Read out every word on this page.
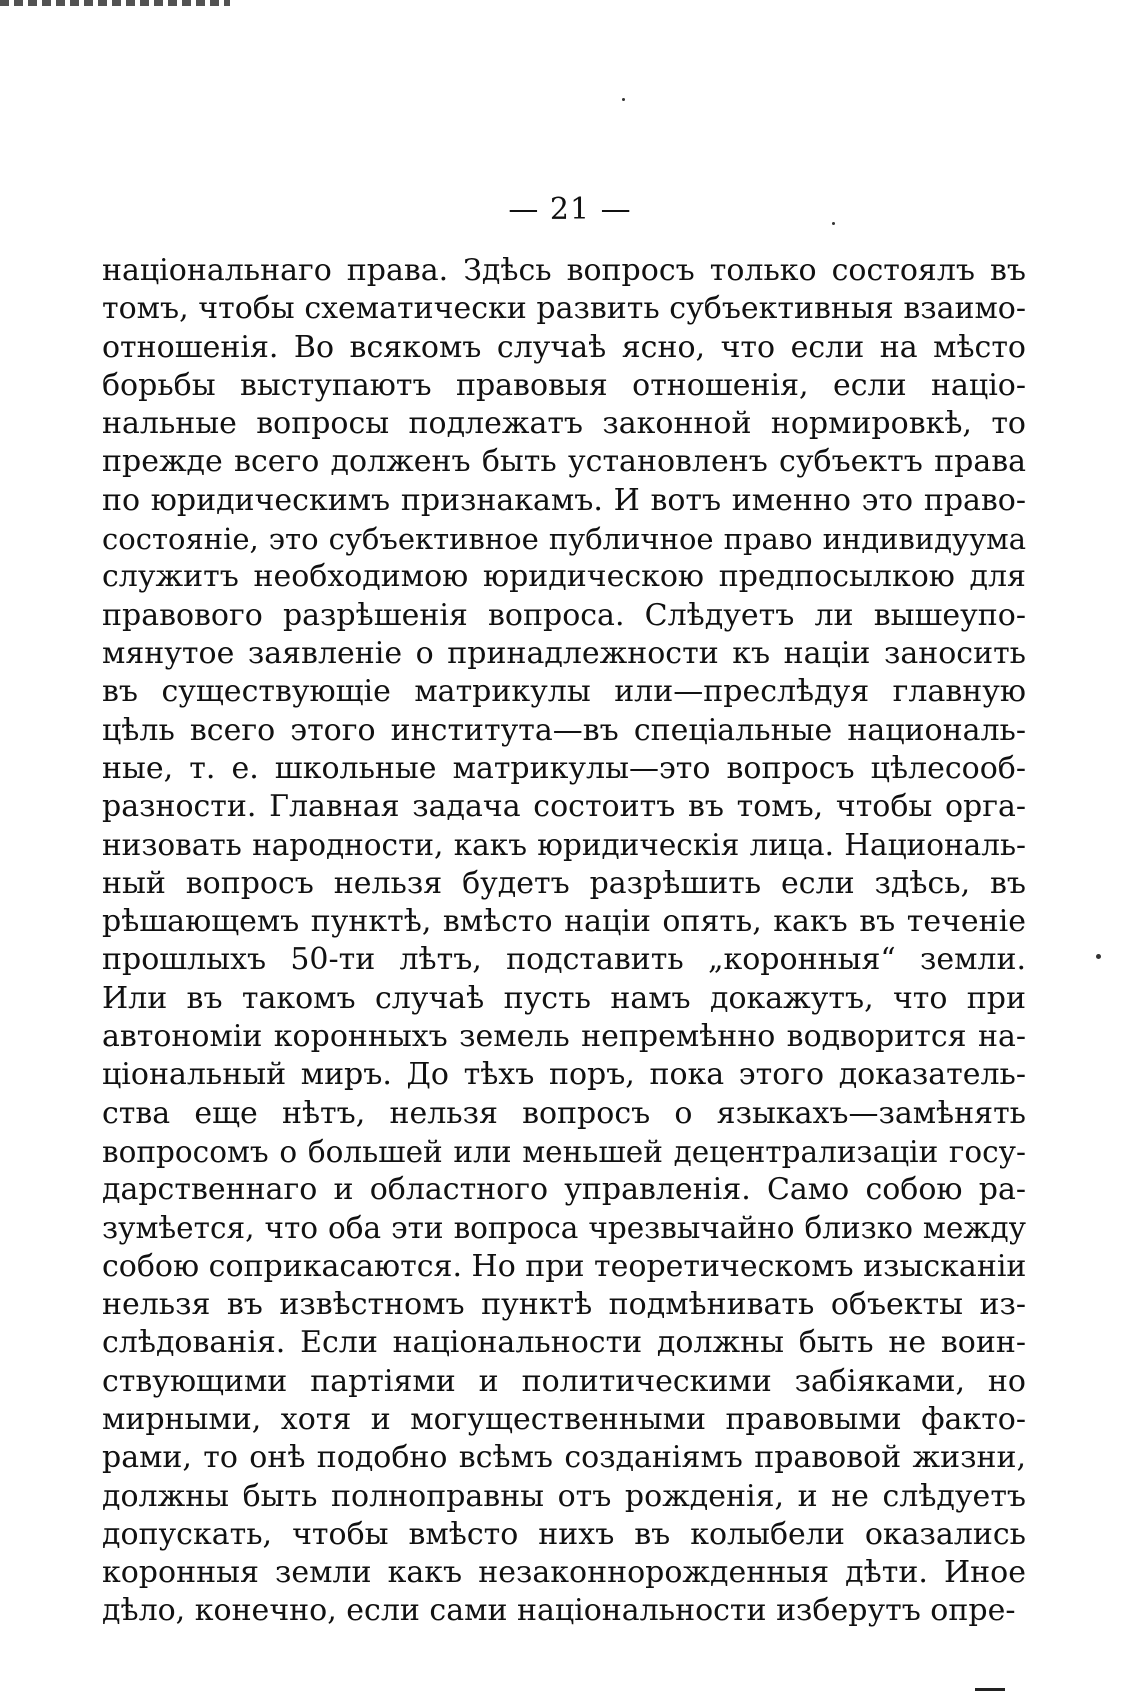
— 21 —
національнаго права. Здѣсь вопросъ только состоялъ въ
томъ, чтобы схематически развить субъективныя взаимо-
отношенія. Во всякомъ случаѣ ясно, что если на мѣсто
борьбы выступаютъ правовыя отношенія, если націо-
нальные вопросы подлежатъ законной нормировкѣ, то
прежде всего долженъ быть установленъ субъектъ права
по юридическимъ признакамъ. И вотъ именно это право-
состояніе, это субъективное публичное право индивидуума
служитъ необходимою юридическою предпосылкою для
правового разрѣшенія вопроса. Слѣдуетъ ли вышеупо-
мянутое заявленіе о принадлежности къ націи заносить
въ существующіе матрикулы или—преслѣдуя главную
цѣль всего этого института—въ спеціальные националь-
ные, т. е. школьные матрикулы—это вопросъ цѣлесооб-
разности. Главная задача состоитъ въ томъ, чтобы орга-
низовать народности, какъ юридическія лица. Националь-
ный вопросъ нельзя будетъ разрѣшить если здѣсь, въ
рѣшающемъ пунктѣ, вмѣсто націи опять, какъ въ теченіе
прошлыхъ 50-ти лѣтъ, подставить „коронныя“ земли.
Или въ такомъ случаѣ пусть намъ докажутъ, что при
автономіи коронныхъ земель непремѣнно водворится на-
ціональный миръ. До тѣхъ поръ, пока этого доказатель-
ства еще нѣтъ, нельзя вопросъ о языкахъ—замѣнять
вопросомъ о большей или меньшей децентрализаціи госу-
дарственнаго и областного управленія. Само собою ра-
зумѣется, что оба эти вопроса чрезвычайно близко между
собою соприкасаются. Но при теоретическомъ изысканіи
нельзя въ извѣстномъ пунктѣ подмѣнивать объекты из-
слѣдованія. Если національности должны быть не воин-
ствующими партіями и политическими забіяками, но
мирными, хотя и могущественными правовыми факто-
рами, то онѣ подобно всѣмъ созданіямъ правовой жизни,
должны быть полноправны отъ рожденія, и не слѣдуетъ
допускать, чтобы вмѣсто нихъ въ колыбели оказались
коронныя земли какъ незаконнорожденныя дѣти. Иное
дѣло, конечно, если сами національности изберутъ опре-
